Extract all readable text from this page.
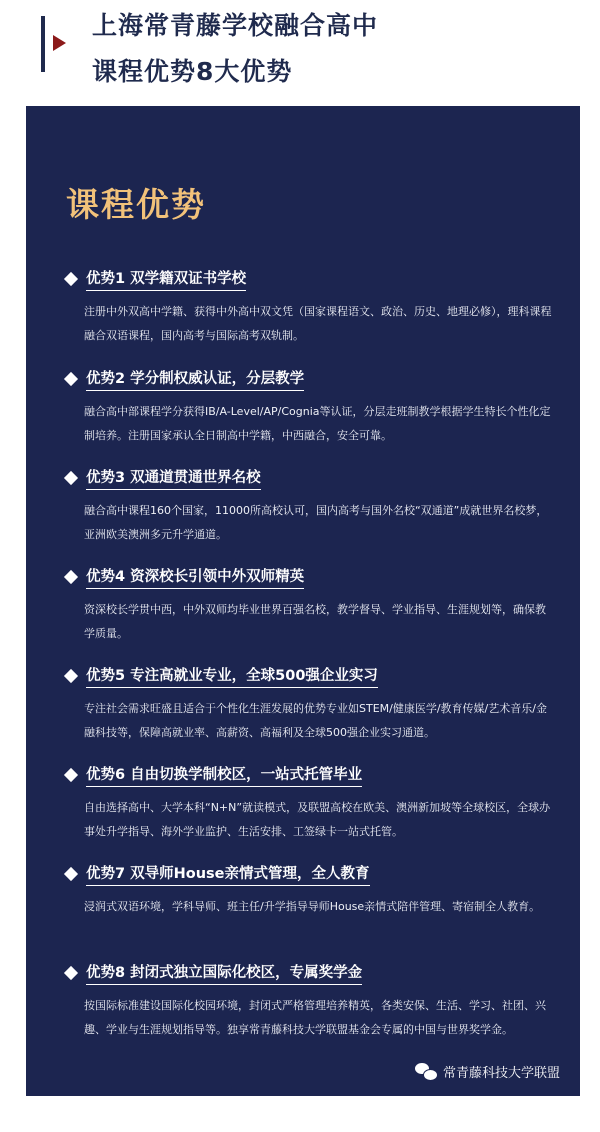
上海常青藤学校融合高中
课程优势8大优势
课程优势
优势1 双学籍双证书学校
注册中外双高中学籍、获得中外高中双文凭（国家课程语文、政治、历史、地理必修），理科课程融合双语课程，国内高考与国际高考双轨制。
优势2 学分制权威认证，分层教学
融合高中部课程学分获得IB/A-Level/AP/Cognia等认证，分层走班制教学根据学生特长个性化定制培养。注册国家承认全日制高中学籍，中西融合，安全可靠。
优势3 双通道贯通世界名校
融合高中课程160个国家，11000所高校认可，国内高考与国外名校“双通道”成就世界名校梦，亚洲欧美澳洲多元升学通道。
优势4 资深校长引领中外双师精英
资深校长学贯中西，中外双师均毕业世界百强名校，教学督导、学业指导、生涯规划等，确保教学质量。
优势5 专注高就业专业，全球500强企业实习
专注社会需求旺盛且适合于个性化生涯发展的优势专业如STEM/健康医学/教育传媒/艺术音乐/金融科技等，保障高就业率、高薪资、高福利及全球500强企业实习通道。
优势6 自由切换学制校区，一站式托管毕业
自由选择高中、大学本科“N+N”就读模式，及联盟高校在欧美、澳洲新加坡等全球校区，全球办事处升学指导、海外学业监护、生活安排、工签绿卡一站式托管。
优势7 双导师House亲情式管理，全人教育
浸润式双语环境，学科导师、班主任/升学指导导师House亲情式陪伴管理、寄宿制全人教育。
优势8 封闭式独立国际化校区，专属奖学金
按国际标准建设国际化校园环境，封闭式严格管理培养精英，各类安保、生活、学习、社团、兴趣、学业与生涯规划指导等。独享常青藤科技大学联盟基金会专属的中国与世界奖学金。
常青藤科技大学联盟
